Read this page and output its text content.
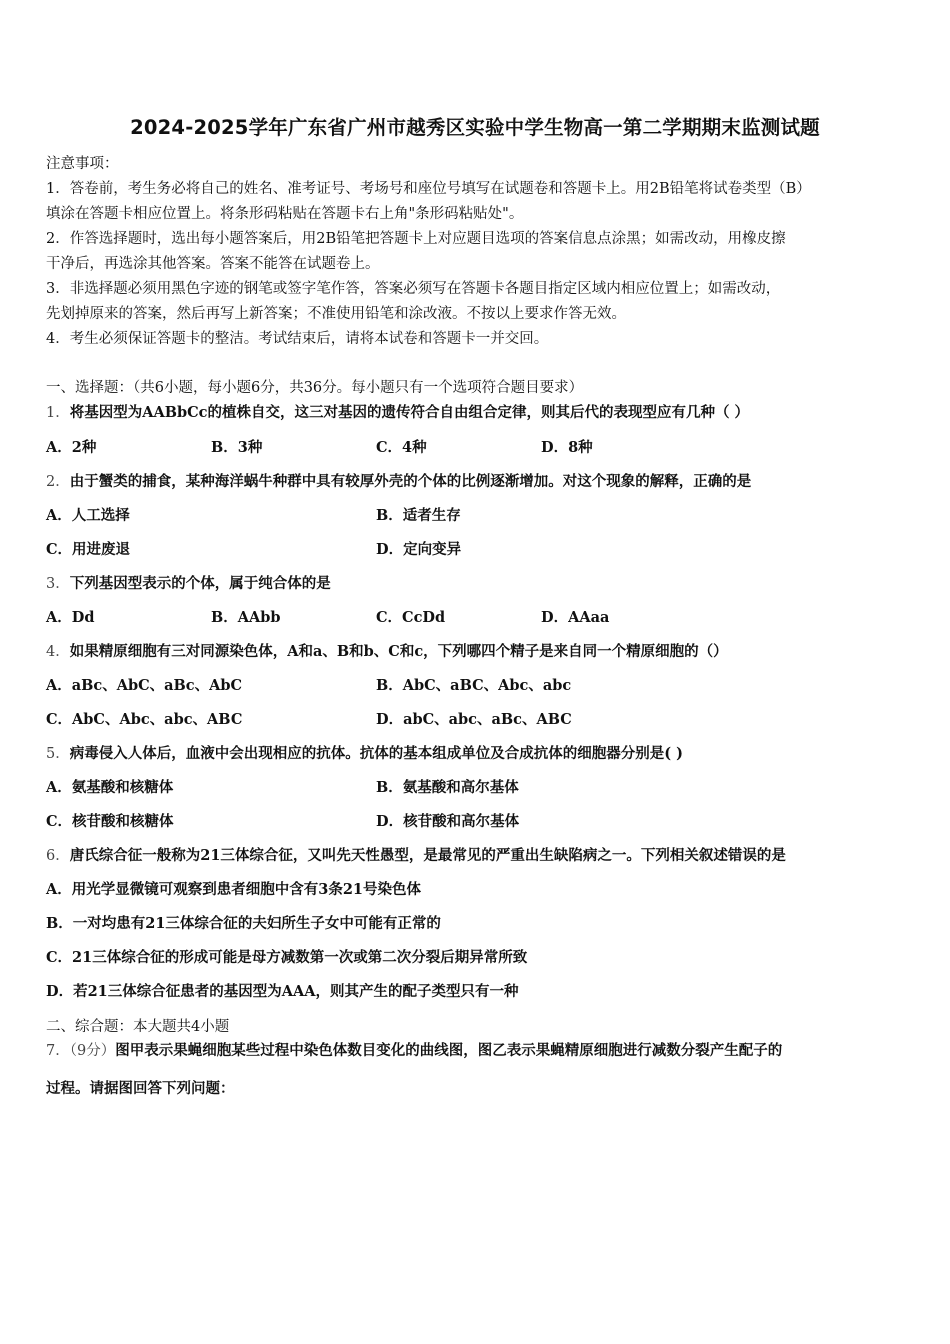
2024-2025学年广东省广州市越秀区实验中学生物高一第二学期期末监测试题
注意事项：
1．答卷前，考生务必将自己的姓名、准考证号、考场号和座位号填写在试题卷和答题卡上。用2B铅笔将试卷类型（B）
填涂在答题卡相应位置上。将条形码粘贴在答题卡右上角"条形码粘贴处"。
2．作答选择题时，选出每小题答案后，用2B铅笔把答题卡上对应题目选项的答案信息点涂黑；如需改动，用橡皮擦
干净后，再选涂其他答案。答案不能答在试题卷上。
3．非选择题必须用黑色字迹的钢笔或签字笔作答，答案必须写在答题卡各题目指定区域内相应位置上；如需改动，
先划掉原来的答案，然后再写上新答案；不准使用铅笔和涂改液。不按以上要求作答无效。
4．考生必须保证答题卡的整洁。考试结束后，请将本试卷和答题卡一并交回。
一、选择题：（共6小题，每小题6分，共36分。每小题只有一个选项符合题目要求）
1．将基因型为AABbCc的植株自交，这三对基因的遗传符合自由组合定律，则其后代的表现型应有几种（ ）
A．2种	B．3种	C．4种	D．8种
2．由于蟹类的捕食，某种海洋蜗牛种群中具有较厚外壳的个体的比例逐渐增加。对这个现象的解释，正确的是
A．人工选择	B．适者生存
C．用进废退	D．定向变异
3．下列基因型表示的个体，属于纯合体的是
A．Dd	B．AAbb	C．CcDd	D．AAaa
4．如果精原细胞有三对同源染色体，A和a、B和b、C和c，下列哪四个精子是来自同一个精原细胞的（）
A．aBc、AbC、aBc、AbC	B．AbC、aBC、Abc、abc
C．AbC、Abc、abc、ABC	D．abC、abc、aBc、ABC
5．病毒侵入人体后，血液中会出现相应的抗体。抗体的基本组成单位及合成抗体的细胞器分别是( )
A．氨基酸和核糖体	B．氨基酸和高尔基体
C．核苷酸和核糖体	D．核苷酸和高尔基体
6．唐氏综合征一般称为21三体综合征，又叫先天性愚型，是最常见的严重出生缺陷病之一。下列相关叙述错误的是
A．用光学显微镜可观察到患者细胞中含有3条21号染色体
B．一对均患有21三体综合征的夫妇所生子女中可能有正常的
C．21三体综合征的形成可能是母方减数第一次或第二次分裂后期异常所致
D．若21三体综合征患者的基因型为AAA，则其产生的配子类型只有一种
二、综合题：本大题共4小题
7．（9分）图甲表示果蝇细胞某些过程中染色体数目变化的曲线图，图乙表示果蝇精原细胞进行减数分裂产生配子的
过程。请据图回答下列问题：
